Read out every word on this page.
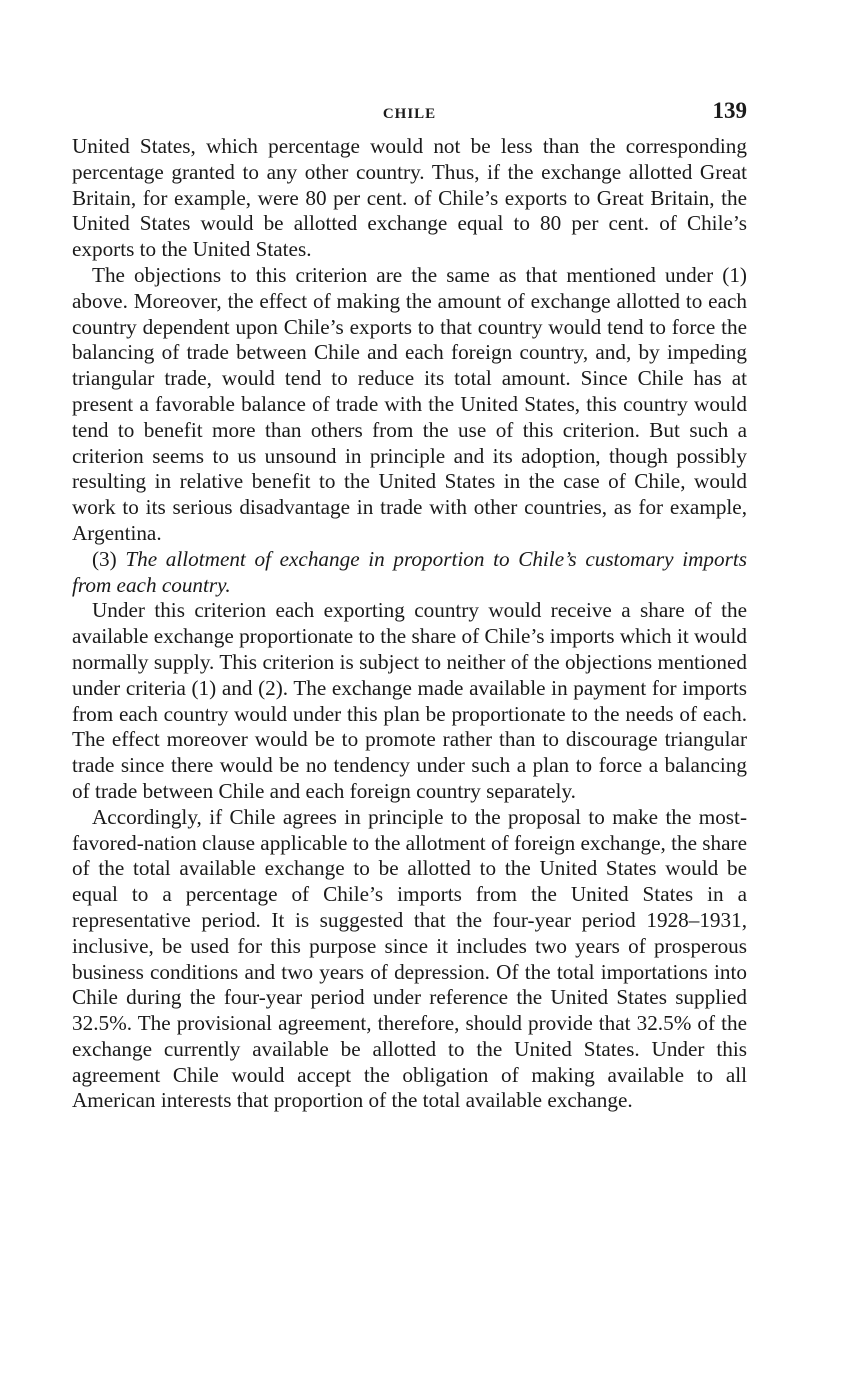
CHILE	139

United States, which percentage would not be less than the corresponding percentage granted to any other country. Thus, if the exchange allotted Great Britain, for example, were 80 per cent. of Chile’s exports to Great Britain, the United States would be allotted exchange equal to 80 per cent. of Chile’s exports to the United States.

The objections to this criterion are the same as that mentioned under (1) above. Moreover, the effect of making the amount of exchange allotted to each country dependent upon Chile’s exports to that country would tend to force the balancing of trade between Chile and each foreign country, and, by impeding triangular trade, would tend to reduce its total amount. Since Chile has at present a favorable balance of trade with the United States, this country would tend to benefit more than others from the use of this criterion. But such a criterion seems to us unsound in principle and its adoption, though possibly resulting in relative benefit to the United States in the case of Chile, would work to its serious disadvantage in trade with other countries, as for example, Argentina.

(3) The allotment of exchange in proportion to Chile’s customary imports from each country.

Under this criterion each exporting country would receive a share of the available exchange proportionate to the share of Chile’s imports which it would normally supply. This criterion is subject to neither of the objections mentioned under criteria (1) and (2). The exchange made available in payment for imports from each country would under this plan be proportionate to the needs of each. The effect moreover would be to promote rather than to discourage triangular trade since there would be no tendency under such a plan to force a balancing of trade between Chile and each foreign country separately.

Accordingly, if Chile agrees in principle to the proposal to make the most-favored-nation clause applicable to the allotment of foreign exchange, the share of the total available exchange to be allotted to the United States would be equal to a percentage of Chile’s imports from the United States in a representative period. It is suggested that the four-year period 1928–1931, inclusive, be used for this purpose since it includes two years of prosperous business conditions and two years of depression. Of the total importations into Chile during the four-year period under reference the United States supplied 32.5%. The provisional agreement, therefore, should provide that 32.5% of the exchange currently available be allotted to the United States. Under this agreement Chile would accept the obligation of making available to all American interests that proportion of the total available exchange.
